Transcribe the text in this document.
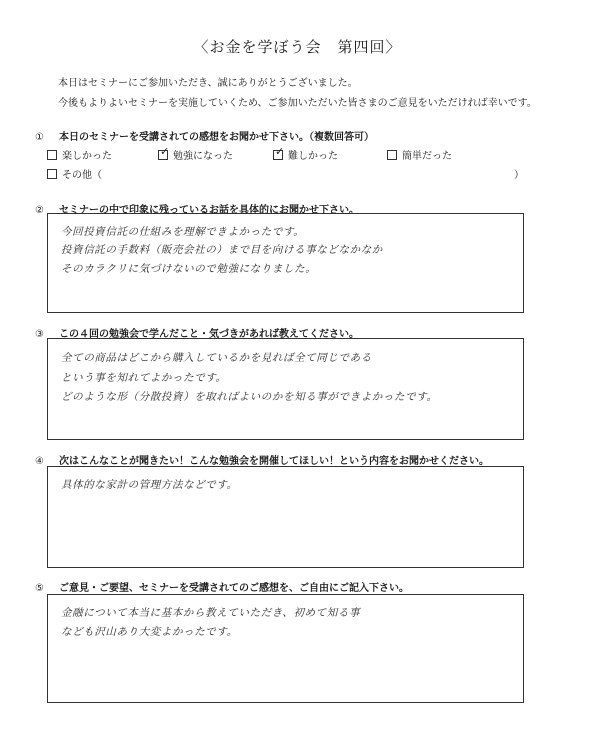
〈お金を学ぼう会　第四回〉
本日はセミナーにご参加いただき、誠にありがとうございました。
今後もよりよいセミナーを実施していくため、ご参加いただいた皆さまのご意見をいただければ幸いです。
① 本日のセミナーを受講されての感想をお聞かせ下さい。（複数回答可）
楽しかった	✓ 勉強になった	✓ 難しかった	簡単だった
その他（	）
② セミナーの中で印象に残っているお話を具体的にお聞かせ下さい。
今回投資信託の仕組みを理解できよかったです。
投資信託の手数料（販売会社の）まで目を向ける事などなかなか
そのカラクリに気づけないので勉強になりました。
③ この４回の勉強会で学んだこと・気づきがあれば教えてください。
全ての商品はどこから購入しているかを見れば全て同じである
という事を知れてよかったです。
どのような形（分散投資）を取ればよいのかを知る事ができよかったです。
④ 次はこんなことが聞きたい！こんな勉強会を開催してほしい！という内容をお聞かせください。
具体的な家計の管理方法などです。
⑤ ご意見・ご要望、セミナーを受講されてのご感想を、ご自由にご記入下さい。
金融について本当に基本から教えていただき、初めて知る事
なども沢山あり大変よかったです。
